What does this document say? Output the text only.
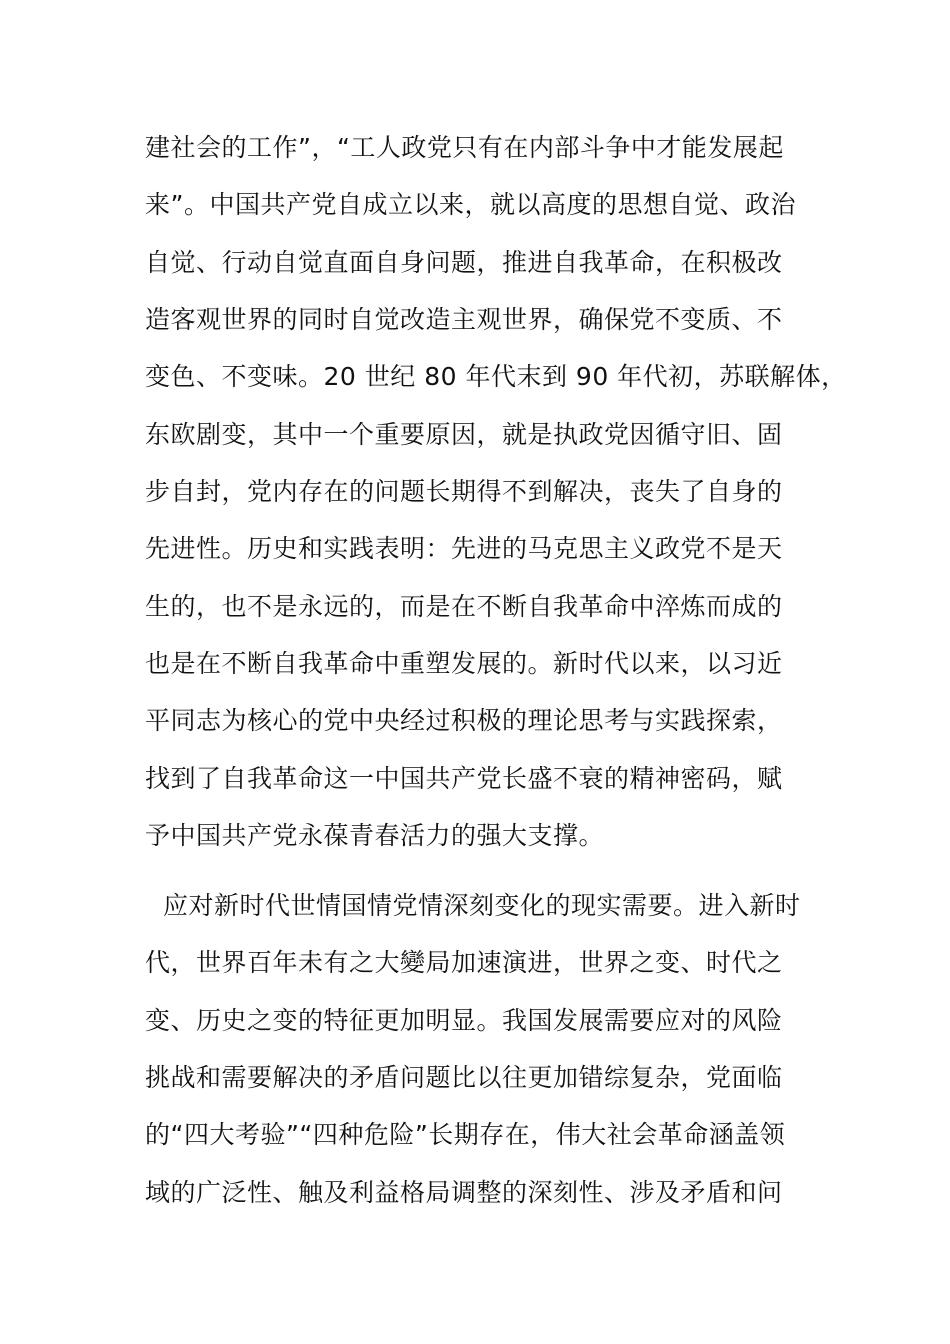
建社会的工作”，“工人政党只有在内部斗争中才能发展起
来”。中国共产党自成立以来，就以高度的思想自觉、政治
自觉、行动自觉直面自身问题，推进自我革命，在积极改
造客观世界的同时自觉改造主观世界，确保党不变质、不
变色、不变味。20 世纪 80 年代末到 90 年代初，苏联解体，
东欧剧变，其中一个重要原因，就是执政党因循守旧、固
步自封，党内存在的问题长期得不到解决，丧失了自身的
先进性。历史和实践表明：先进的马克思主义政党不是天
生的，也不是永远的，而是在不断自我革命中淬炼而成的
也是在不断自我革命中重塑发展的。新时代以来，以习近
平同志为核心的党中央经过积极的理论思考与实践探索，
找到了自我革命这一中国共产党长盛不衰的精神密码，赋
予中国共产党永葆青春活力的强大支撑。
应对新时代世情国情党情深刻变化的现实需要。进入新时
代，世界百年未有之大變局加速演进，世界之变、时代之
变、历史之变的特征更加明显。我国发展需要应对的风险
挑战和需要解决的矛盾问题比以往更加错综复杂，党面临
的“四大考验”“四种危险”长期存在，伟大社会革命涵盖领
域的广泛性、触及利益格局调整的深刻性、涉及矛盾和问
